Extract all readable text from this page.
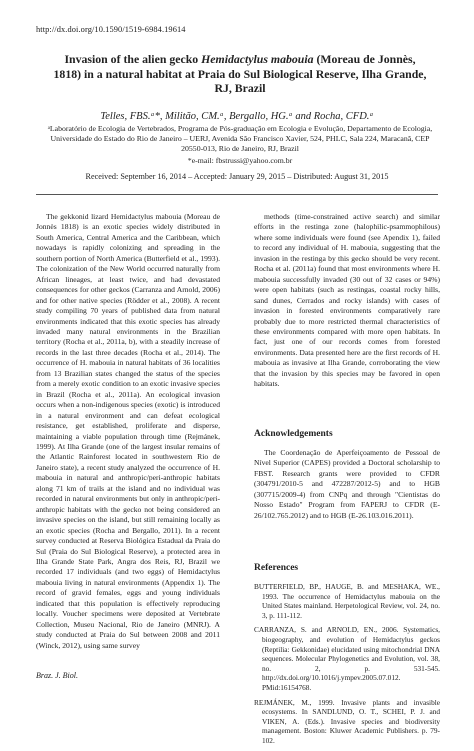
http://dx.doi.org/10.1590/1519-6984.19614
Invasion of the alien gecko Hemidactylus mabouia (Moreau de Jonnès, 1818) in a natural habitat at Praia do Sul Biological Reserve, Ilha Grande, RJ, Brazil
Telles, FBS.ᵃ*, Militão, CM.ᵃ, Bergallo, HG.ᵃ and Rocha, CFD.ᵃ
ᵃLaboratório de Ecologia de Vertebrados, Programa de Pós-graduação em Ecologia e Evolução, Departamento de Ecologia, Universidade do Estado do Rio de Janeiro – UERJ, Avenida São Francisco Xavier, 524, PHLC, Sala 224, Maracanã, CEP 20550-013, Rio de Janeiro, RJ, Brazil
*e-mail: fbstrussi@yahoo.com.br
Received: September 16, 2014 – Accepted: January 29, 2015 – Distributed: August 31, 2015

The gekkonid lizard Hemidactylus mabouia (Moreau de Jonnès 1818) is an exotic species widely distributed in South America, Central America and the Caribbean, which nowadays is rapidly colonizing and spreading in the southern portion of North America (Butterfield et al., 1993). The colonization of the New World occurred naturally from African lineages, at least twice, and had devastated consequences for other geckos (Carranza and Arnold, 2006) and for other native species (Rödder et al., 2008). A recent study compiling 70 years of published data from natural environments indicated that this exotic species has already invaded many natural environments in the Brazilian territory (Rocha et al., 2011a, b), with a steadily increase of records in the last three decades (Rocha et al., 2014). The occurrence of H. mabouia in natural habitats of 36 localities from 13 Brazilian states changed the status of the species from a merely exotic condition to an exotic invasive species in Brazil (Rocha et al., 2011a). An ecological invasion occurs when a non-indigenous species (exotic) is introduced in a natural environment and can defeat ecological resistance, get established, proliferate and disperse, maintaining a viable population through time (Rejmánek, 1999). At Ilha Grande (one of the largest insular remains of the Atlantic Rainforest located in southwestern Rio de Janeiro state), a recent study analyzed the occurrence of H. mabouia in natural and anthropic/peri-anthropic habitats along 71 km of trails at the island and no individual was recorded in natural environments but only in anthropic/peri-anthropic habitats with the gecko not being considered an invasive species on the island, but still remaining locally as an exotic species (Rocha and Bergallo, 2011). In a recent survey conducted at Reserva Biológica Estadual da Praia do Sul (Praia do Sul Biological Reserve), a protected area in Ilha Grande State Park, Angra dos Reis, RJ, Brazil we recorded 17 individuals (and two eggs) of Hemidactylus mabouia living in natural environments (Appendix 1). The record of gravid females, eggs and young individuals indicated that this population is effectively reproducing locally. Voucher specimens were deposited at Vertebrate Collection, Museu Nacional, Rio de Janeiro (MNRJ). A study conducted at Praia do Sul between 2008 and 2011 (Winck, 2012), using same survey

methods (time-constrained active search) and similar efforts in the restinga zone (halophilic-psammophilous) where some individuals were found (see Apendix 1), failed to record any individual of H. mabouia, suggesting that the invasion in the restinga by this gecko should be very recent. Rocha et al. (2011a) found that most environments where H. mabouia successfully invaded (30 out of 32 cases or 94%) were open habitats (such as restingas, coastal rocky hills, sand dunes, Cerrados and rocky islands) with cases of invasion in forested environments comparatively rare probably due to more restricted thermal characteristics of these environments compared with more open habitats. In fact, just one of our records comes from forested environments. Data presented here are the first records of H. mabouia as invasive at Ilha Grande, corroborating the view that the invasion by this species may be favored in open habitats.

Acknowledgements
The Coordenação de Aperfeiçoamento de Pessoal de Nível Superior (CAPES) provided a Doctoral scholarship to FBST. Research grants were provided to CFDR (304791/2010-5 and 472287/2012-5) and to HGB (307715/2009-4) from CNPq and through "Cientistas do Nosso Estado" Program from FAPERJ to CFDR (E-26/102.765.2012) and to HGB (E-26.103.016.2011).
References

BUTTERFIELD, BP., HAUGE, B. and MESHAKA, WE., 1993. The occurrence of Hemidactylus mabouia on the United States mainland. Herpetological Review, vol. 24, no. 3, p. 111-112.

CARRANZA, S. and ARNOLD, EN., 2006. Systematics, biogeography, and evolution of Hemidactylus geckos (Reptilia: Gekkonidae) elucidated using mitochondrial DNA sequences. Molecular Phylogenetics and Evolution, vol. 38, no. 2, p. 531-545. http://dx.doi.org/10.1016/j.ympev.2005.07.012. PMid:16154768.

REJMÁNEK, M., 1999. Invasive plants and invasible ecosystems. In SANDLUND, O. T., SCHEI, P. J. and VIKEN, A. (Eds.). Invasive species and biodiversity management. Boston: Kluwer Academic Publishers. p. 79-102.

Braz. J. Biol.
